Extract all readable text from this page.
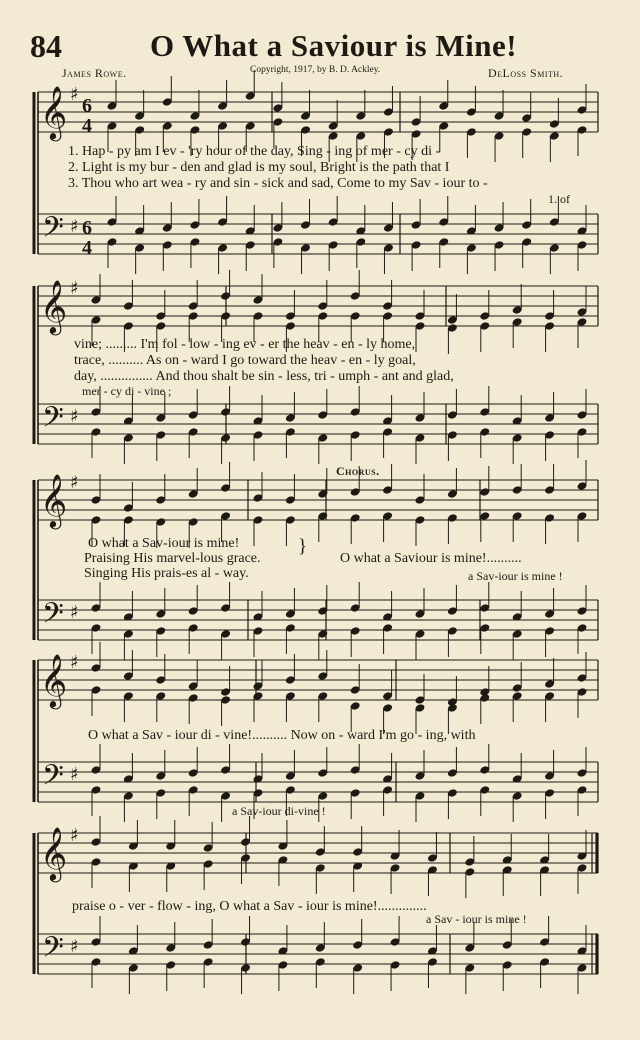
84	O What a Saviour is Mine!
James Rowe.	Copyright, 1917, by B. D. Ackley.	DeLoss Smith.
𝄞
𝄢
♯
♯
6
4
6
4
𝄞
𝄢
♯
♯
𝄞
𝄢
♯
♯
𝄞
𝄢
♯
♯
𝄞
𝄢
♯
♯
1. Hap - py am I ev - 'ry hour of the day, Sing - ing of mer - cy di -
2. Light is my bur - den and glad is my soul, Bright is the path that I
3. Thou who art wea - ry and sin - sick and sad, Come to my Sav - iour to -
1. of
vine; ......... I'm fol - low - ing ev - er the heav - en - ly home,
trace, .......... As on - ward I go toward the heav - en - ly goal,
day, ............... And thou shalt be sin - less, tri - umph - ant and glad,
mer - cy di - vine ;
Chorus.
O what a Sav-iour is mine!
Praising His marvel-lous grace.
Singing His prais-es al - way.
}
O what a Saviour is mine!..........
a Sav-iour is mine !
O what a Sav - iour di - vine!.......... Now on - ward I'm go - ing, with
a Sav-iour di-vine !
praise o - ver - flow - ing, O what a Sav - iour is mine!..............
a Sav - iour is mine !
